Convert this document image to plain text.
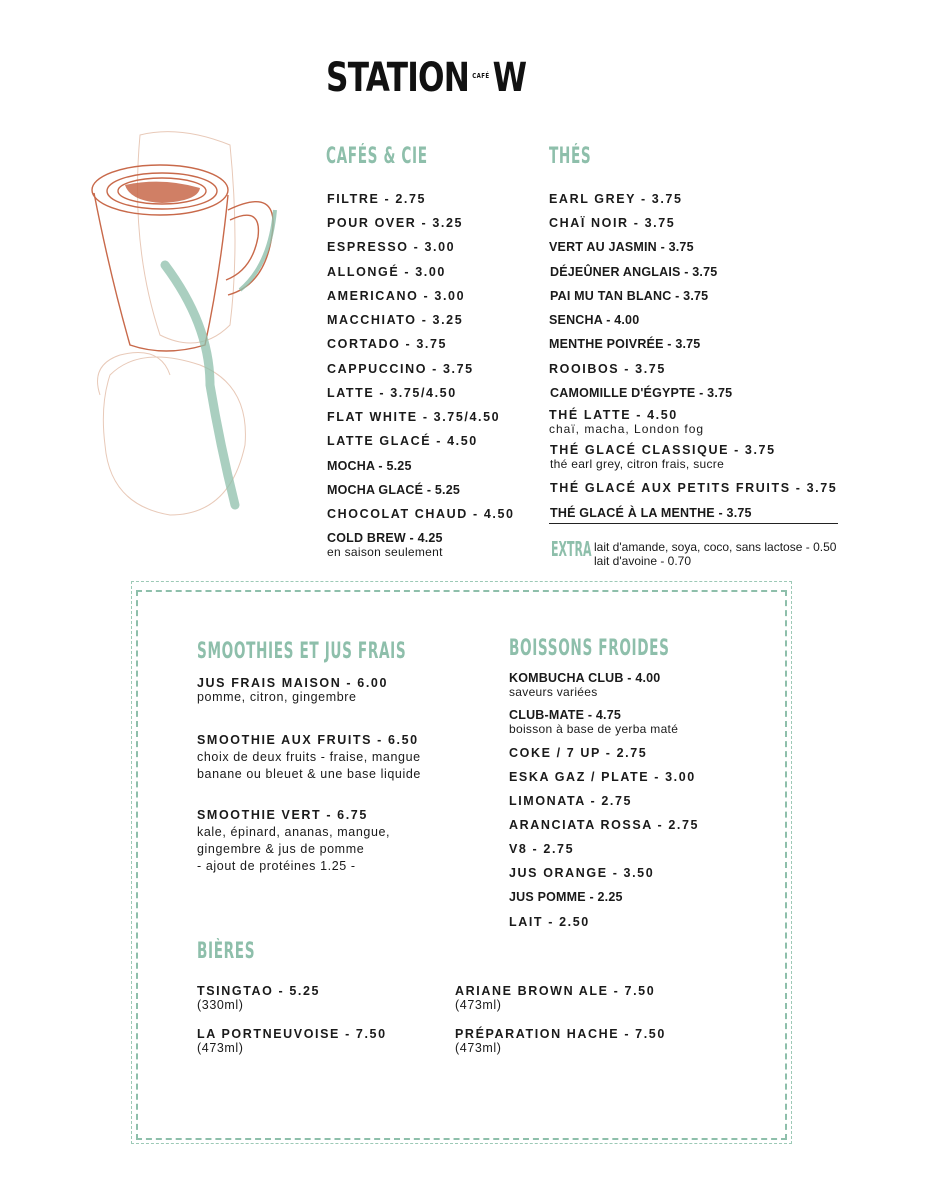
STATION CAFÉW
CAFÉS & CIE
FILTRE - 2.75
POUR OVER - 3.25
ESPRESSO - 3.00
ALLONGÉ - 3.00
AMERICANO - 3.00
MACCHIATO - 3.25
CORTADO - 3.75
CAPPUCCINO - 3.75
LATTE - 3.75/4.50
FLAT WHITE - 3.75/4.50
LATTE GLACÉ - 4.50
MOCHA - 5.25
MOCHA GLACÉ - 5.25
CHOCOLAT CHAUD - 4.50
COLD BREW - 4.25
en saison seulement
THÉS
EARL GREY - 3.75
CHAÏ NOIR - 3.75
VERT AU JASMIN - 3.75
DÉJEÛNER ANGLAIS - 3.75
PAI MU TAN BLANC - 3.75
SENCHA - 4.00
MENTHE POIVRÉE - 3.75
ROOIBOS - 3.75
CAMOMILLE D'ÉGYPTE - 3.75
THÉ LATTE - 4.50
chaï, macha, London fog
THÉ GLACÉ CLASSIQUE - 3.75
thé earl grey, citron frais, sucre
THÉ GLACÉ AUX PETITS FRUITS - 3.75
THÉ GLACÉ À LA MENTHE - 3.75
EXTRA lait d'amande, soya, coco, sans lactose - 0.50
lait d'avoine - 0.70
SMOOTHIES ET JUS FRAIS
JUS FRAIS MAISON - 6.00
pomme, citron, gingembre
SMOOTHIE AUX FRUITS - 6.50
choix de deux fruits - fraise, mangue
banane ou bleuet & une base liquide
SMOOTHIE VERT - 6.75
kale, épinard, ananas, mangue,
gingembre & jus de pomme
- ajout de protéines 1.25 -
BOISSONS FROIDES
KOMBUCHA CLUB - 4.00
saveurs variées
CLUB-MATE - 4.75
boisson à base de yerba maté
COKE / 7 UP - 2.75
ESKA GAZ / PLATE - 3.00
LIMONATA - 2.75
ARANCIATA ROSSA - 2.75
V8 - 2.75
JUS ORANGE - 3.50
JUS POMME - 2.25
LAIT - 2.50
BIÈRES
TSINGTAO - 5.25
(330ml)
ARIANE BROWN ALE - 7.50
(473ml)
LA PORTNEUVOISE - 7.50
(473ml)
PRÉPARATION HACHE - 7.50
(473ml)
